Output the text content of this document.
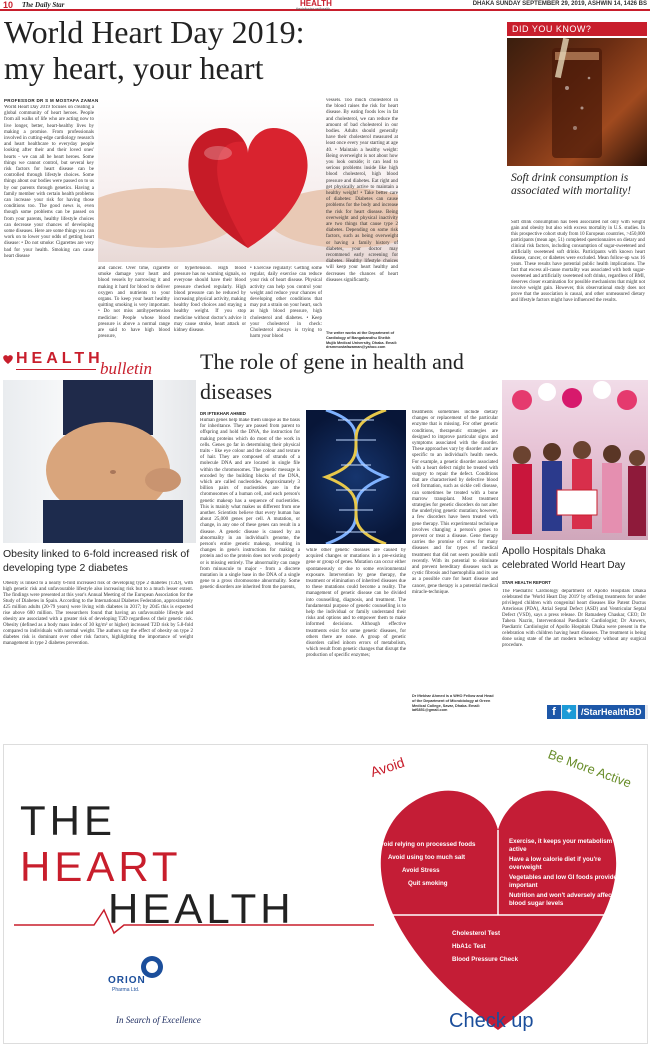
10 The Daily Star	HEALTH
thedailystar.net/health
DHAKA SUNDAY SEPTEMBER 29, 2019, ASHWIN 14, 1426 BS
World Heart Day 2019:
my heart, your heart
PROFESSOR DR S M MOSTAFA ZAMAN
World Heart Day 2019 focuses on creating a global community of heart heroes. People from all walks of life who are acting now to live longer, better, heart-healthy lives by making a promise. From professionals involved in cutting-edge cardiology research and heart healthcare to everyday people looking after their and their loved ones' hearts - we can all be heart heroes. Some things we cannot control, but several key risk factors for heart disease can be controlled through lifestyle choices. Some things about our bodies were passed on to us by our parents through genetics. Having a family member with certain health problems can increase your risk for having those conditions too. The good news is, even though some problems can be passed on from your parents, healthy lifestyle choices can decrease your chances of developing some diseases. Here are some things you can work on to lower your odds of getting heart disease: • Do not smoke: Cigarettes are very bad for your health. Smoking can cause heart disease
and cancer. Over time, cigarette smoke damage your heart and blood vessels by narrowing it and making it hard for blood to deliver oxygen and nutrients to your organs. To keep your heart healthy quitting smoking is very important. • Do not miss antihypertension medicine: People whose blood pressure is above a normal range are said to have high blood pressure,
or hypertension. High blood pressure has no warning signals, so everyone should have their blood pressure checked regularly. High blood pressure can be reduced by increasing physical activity, making healthy food choices and staying a healthy weight. If you stop medicine without doctor's advice it may cause stroke, heart attack or kidney disease.
• Exercise regularly: Getting some regular, daily exercise can reduce your risk of heart disease. Physical activity can help you control your weight and reduce your chances of developing other conditions that may put a strain on your heart, such as high blood pressure, high cholesterol and diabetes. • Keep your cholesterol in check: Cholesterol always is trying to harm your blood
vessels. Too much cholesterol in the blood raises the risk for heart disease. By eating foods low in fat and cholesterol, we can reduce the amount of bad cholesterol in our bodies. Adults should generally have their cholesterol measured at least once every year starting at age 40. • Maintain a healthy weight: Being overweight is not about how you look outside; it can lead to serious problems inside like high blood cholesterol, high blood pressure and diabetes. Eat right and get physically active to maintain a healthy weight! • Take better care of diabetes: Diabetes can cause problems for the body and increase the risk for heart disease. Being overweight and physical inactivity are two things that cause type 2 diabetes. Depending on some risk factors, such as being overweight or having a family history of diabetes, your doctor may recommend early screening for diabetes. Healthy lifestyle choices will keep your heart healthy and decreases the chances of heart diseases significantly.
The writer works at the Department of Cardiology of Bangabandhu Sheikh Mujib Medical University, Dhaka. Email: drsmmostafazaman@yahoo.com
DID YOU KNOW?
Soft drink consumption is associated with mortality!
Soft drink consumption has been associated not only with weight gain and obesity but also with excess mortality in U.S. studies. In this prospective cohort study from 10 European countries, >450,000 participants (mean age, 51) completed questionnaires on dietary and clinical risk factors, including consumption of sugar-sweetened and artificially sweetened soft drinks. Participants with known heart disease, cancer, or diabetes were excluded. Mean follow-up was 16 years. These results have potential public health implications. The fact that excess all-cause mortality was associated with both sugar-sweetened and artificially sweetened soft drinks, regardless of BMI, deserves closer examination for possible mechanisms that might not involve weight gain. However, this observational study does not prove that the association is causal, and other unmeasured dietary and lifestyle factors might have influenced the results.
HEALTH
bulletin
Obesity linked to 6-fold increased risk of developing type 2 diabetes
Obesity is linked to a nearly 6-fold increased risk of developing type 2 diabetes (T2D), with high genetic risk and unfavourable lifestyle also increasing risk but to a much lesser extent. The findings were presented at this year's Annual Meeting of the European Association for the Study of Diabetes in Spain. According to the International Diabetes Federation, approximately 425 million adults (20-79 years) were living with diabetes in 2017; by 2045 this is expected rise above 600 million. The researchers found that having an unfavourable lifestyle and obesity are associated with a greater risk of developing T2D regardless of their genetic risk. Obesity (defined as a body mass index of 30 kg/m² or higher) increased T2D risk by 5.8-fold compared to individuals with normal weight. The authors say the effect of obesity on type 2 diabetes risk is dominant over other risk factors, highlighting the importance of weight management in type 2 diabetes prevention.
The role of gene in health and diseases
DR IFTEKHAR AHMED
Human genes help make them unique as the basis for inheritance. They are passed from parent to offspring and hold the DNA, the instruction for making proteins which do most of the work in cells. Genes go far in determining their physical traits - like eye colour and the colour and texture of hair. They are composed of strands of a molecule DNA and are located in single file within the chromosomes. The genetic message is encoded by the building blocks of the DNA, which are called nucleotides. Approximately 3 billion pairs of nucleotides are in the chromosomes of a human cell, and each person's genetic makeup has a sequence of nucleotides. This is mainly what makes us different from one another. Scientists believe that every human has about 25,000 genes per cell. A mutation, or change, in any one of these genes can result in a disease. A genetic disease is caused by an abnormality in an individual's genome, the person's entire genetic makeup, resulting in changes in gene's instructions for making a protein and so the protein does not work properly or is missing entirely. The abnormality can range from minuscule to major - from a discrete mutation in a single base in the DNA of a single gene to a gross chromosome abnormality. Some genetic disorders are inherited from the parents,
while other genetic diseases are caused by acquired changes or mutations in a pre-existing gene or group of genes. Mutation can occur either spontaneously or due to some environmental exposure. Intervention by gene therapy, the treatment or elimination of inherited diseases due to these mutations could become a reality. The management of genetic disease can be divided into counselling, diagnosis, and treatment. The fundamental purpose of genetic counselling is to help the individual or family understand their risks and options and to empower them to make informed decisions. Although effective treatments exist for some genetic diseases, for others there are none. A group of genetic disorders called inborn errors of metabolism, which result from genetic changes that disrupt the production of specific enzymes;
treatments sometimes include dietary changes or replacement of the particular enzyme that is missing. For other genetic conditions, therapeutic strategies are designed to improve particular signs and symptoms associated with the disorder. These approaches vary by disorder and are specific to an individual's health needs. For example, a genetic disorder associated with a heart defect might be treated with surgery to repair the defect. Conditions that are characterised by defective blood cell formation, such as sickle cell disease, can sometimes be treated with a bone marrow transplant. Most treatment strategies for genetic disorders do not alter the underlying genetic mutation; however, a few disorders have been treated with gene therapy. This experimental technique involves changing a person's genes to prevent or treat a disease. Gene therapy carries the promise of cures for many diseases and for types of medical treatment that did not seem possible until recently. With its potential to eliminate and prevent hereditary diseases such as cystic fibrosis and haemophilia and its use as a possible cure for heart disease and cancer, gene therapy is a potential medical miracle-technique.
Dr Iftekhar Ahmed is a WHO Fellow and Head of the Department of Microbiology at Green Medical College, Savar, Dhaka. Email: iaf6851@gmail.com
Apollo Hospitals Dhaka celebrated World Heart Day
STAR HEALTH REPORT
The Paediatric Cardiology department of Apollo Hospitals Dhaka celebrated the 'World Heart Day 2019' by offering treatments for under privileged children with congenital heart diseases like Patent Ductus Arteriosus (PDA), Atrial Septal Defect (ASD) and Ventricular Septal Defect (VSD), says a press release. Dr Ratnadeep Chaskar, CEO; Dr Tahera Nazrin, Interventional Paediatric Cardiologist; Dr Anwers, Paediatric Cardiologist of Apollo Hospitals Dhaka were present in the celebration with children having heart diseases. The treatment is being done using state of the art modern technology without any surgical procedure.
f	✦ /StarHealthBD
THE
HEART
HEALTH
ORION
Pharma Ltd.
In Search of Excellence
Avoid	Be More Active
Avoid relying on processed foods
Avoid using too much salt
Avoid Stress
Quit smoking
Exercise, it keeps your metabolism active
Have a low calorie diet if you're overweight
Vegetables and low GI foods provide important
Nutrition and won't adversely affect blood sugar levels
Cholesterol Test
HbA1c Test
Blood Pressure Check
Check up
